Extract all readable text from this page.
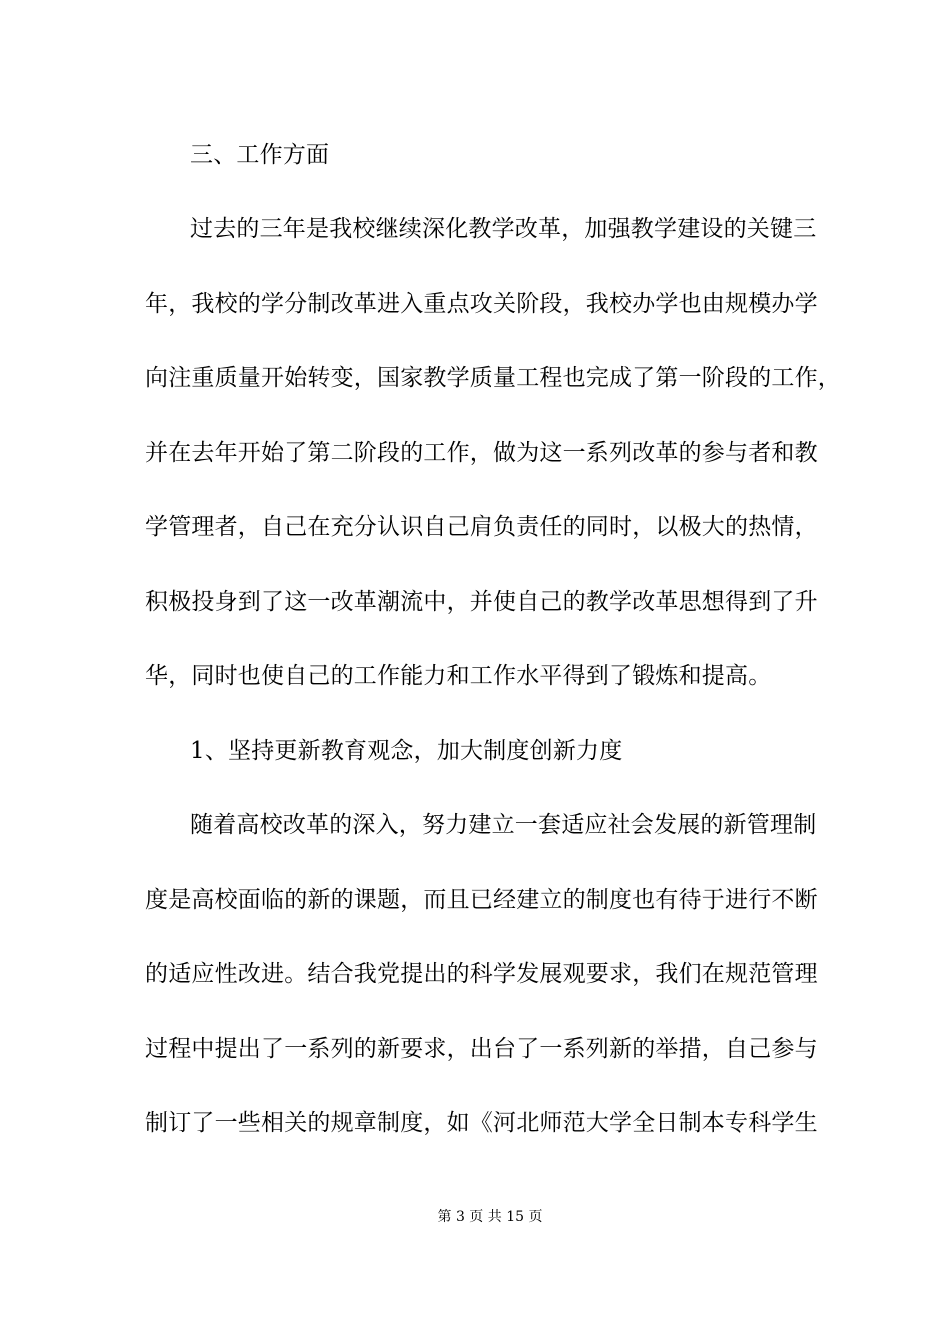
三、工作方面
过去的三年是我校继续深化教学改革，加强教学建设的关键三
年，我校的学分制改革进入重点攻关阶段，我校办学也由规模办学
向注重质量开始转变，国家教学质量工程也完成了第一阶段的工作，
并在去年开始了第二阶段的工作，做为这一系列改革的参与者和教
学管理者，自己在充分认识自己肩负责任的同时，以极大的热情，
积极投身到了这一改革潮流中，并使自己的教学改革思想得到了升
华，同时也使自己的工作能力和工作水平得到了锻炼和提高。
1、坚持更新教育观念，加大制度创新力度
随着高校改革的深入，努力建立一套适应社会发展的新管理制
度是高校面临的新的课题，而且已经建立的制度也有待于进行不断
的适应性改进。结合我党提出的科学发展观要求，我们在规范管理
过程中提出了一系列的新要求，出台了一系列新的举措，自己参与
制订了一些相关的规章制度，如《河北师范大学全日制本专科学生
第 3 页 共 15 页
